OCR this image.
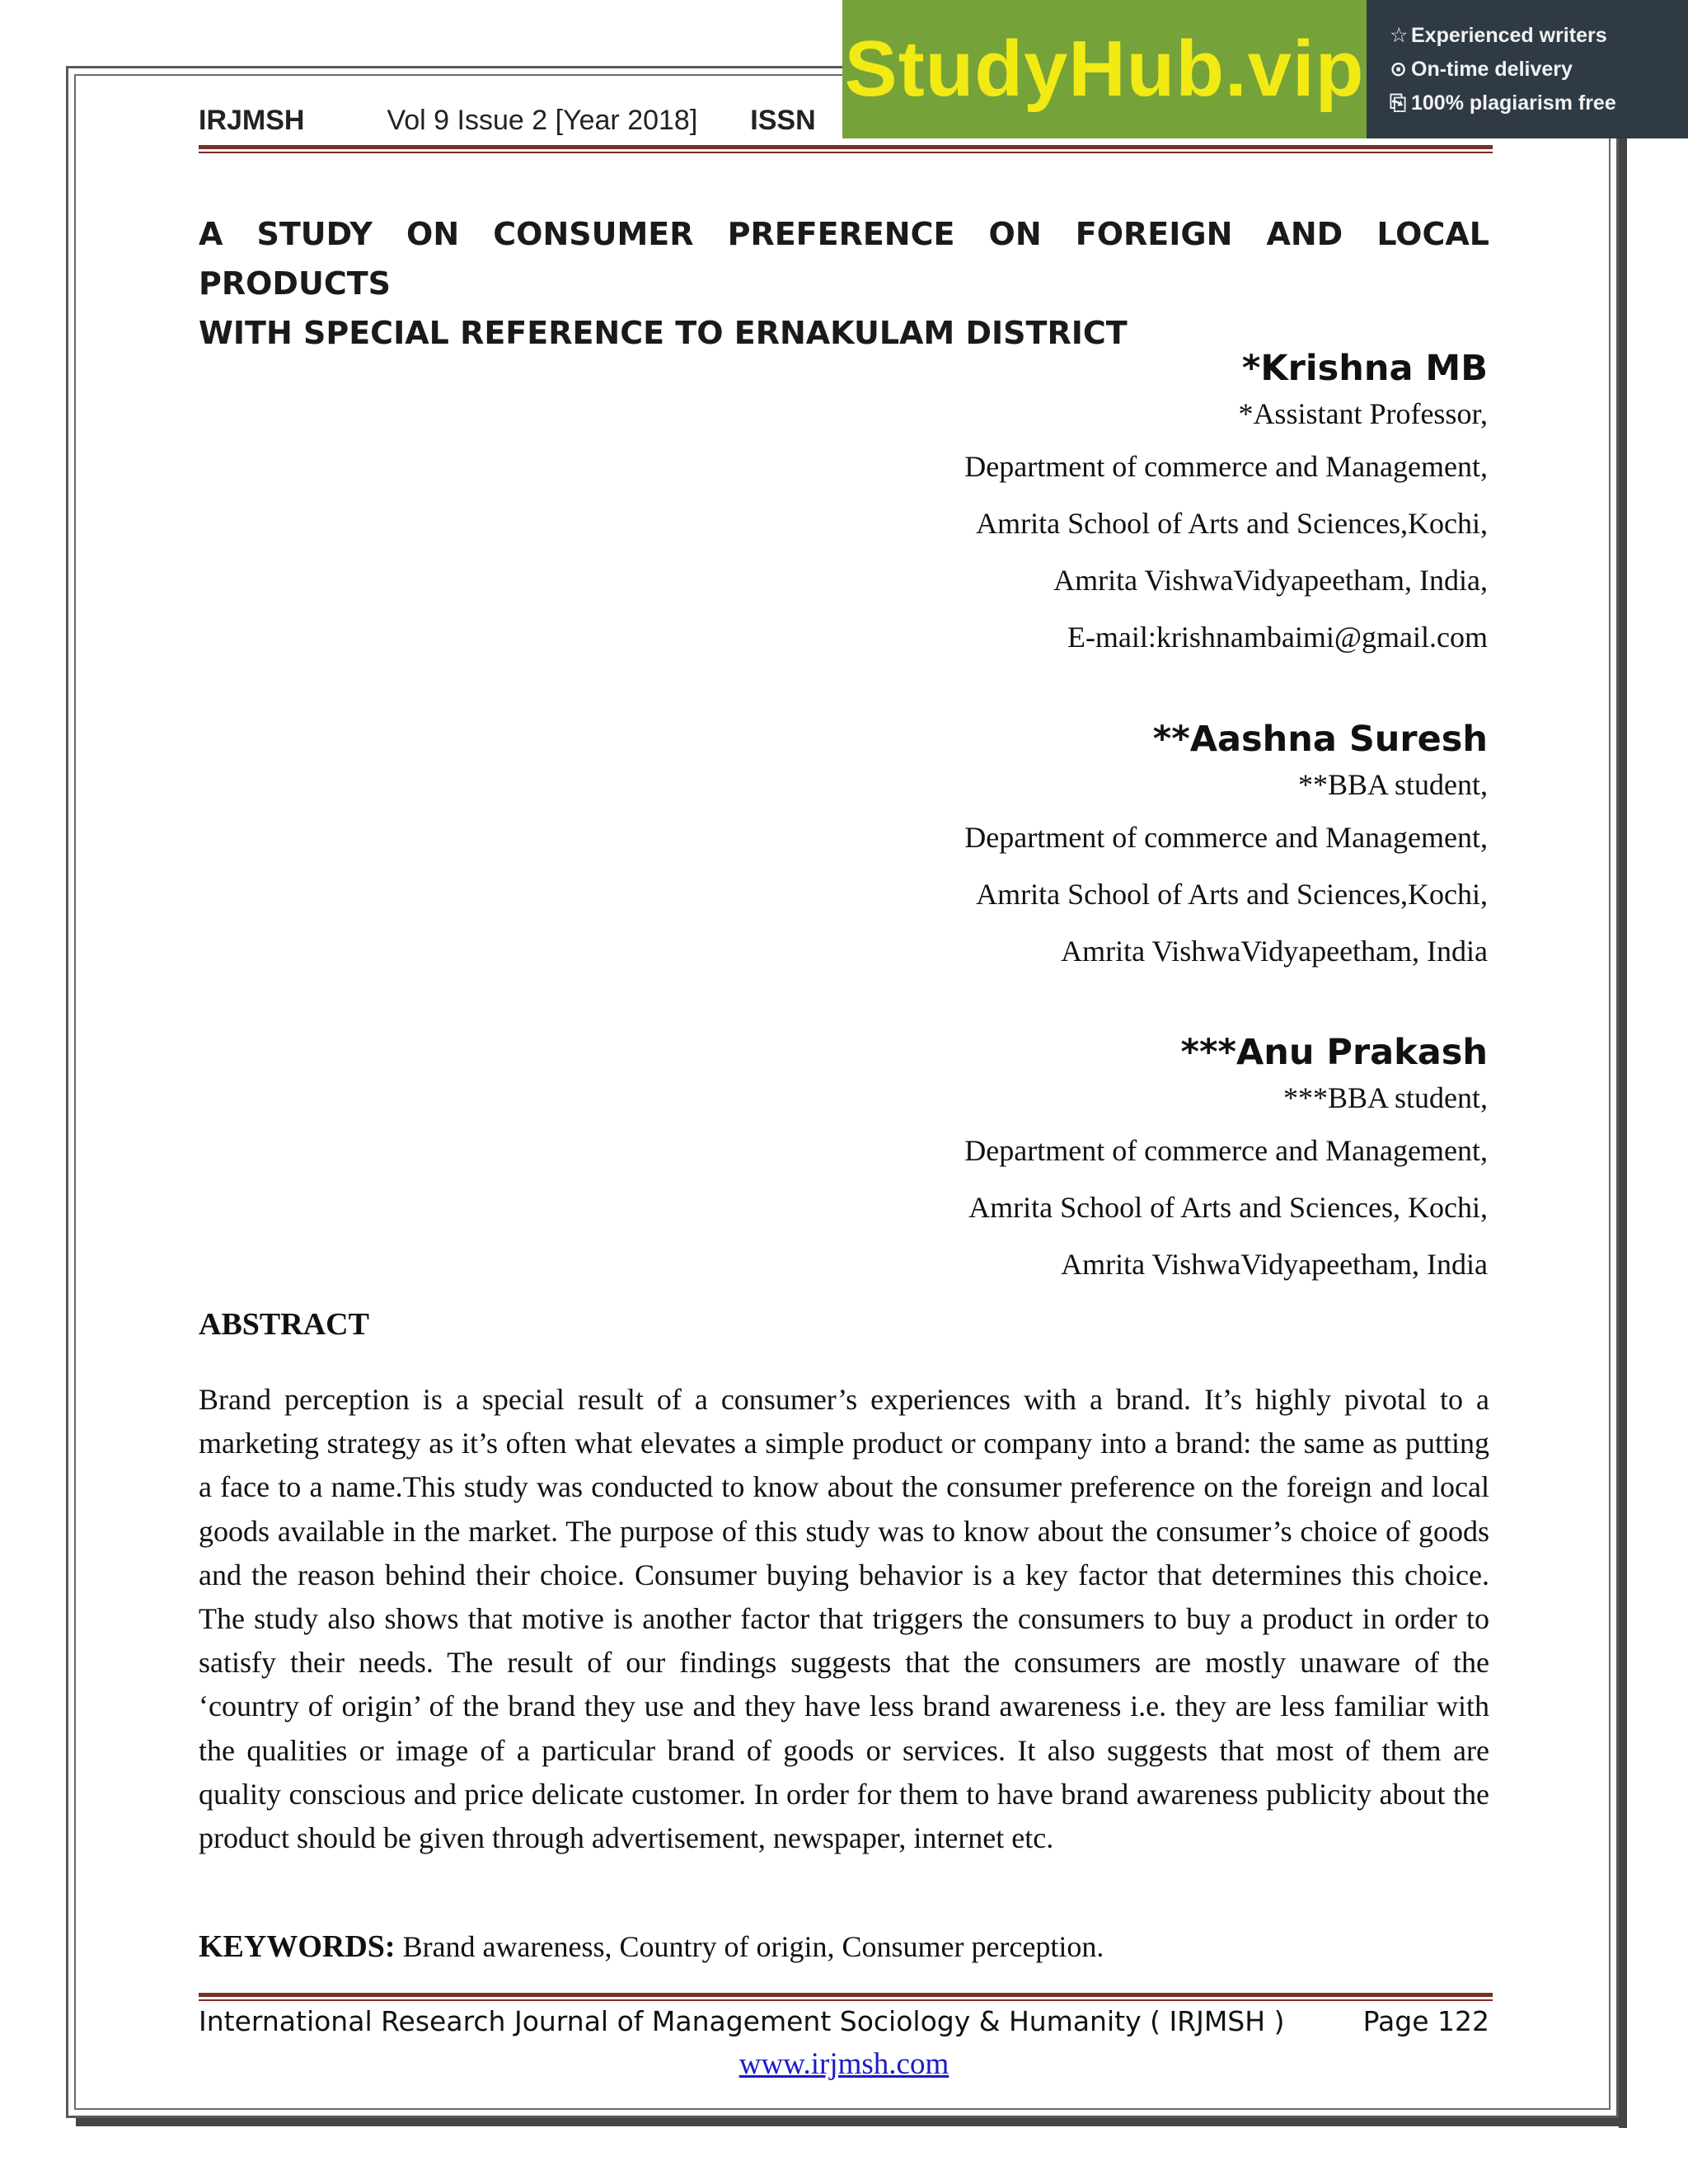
IRJMSH	Vol 9 Issue 2 [Year 2018] ISSN
StudyHub.vip ☆ Experienced writers
⊙ On-time delivery
⎘ 100% plagiarism free
A STUDY ON CONSUMER PREFERENCE ON FOREIGN AND LOCAL PRODUCTS
WITH SPECIAL REFERENCE TO ERNAKULAM DISTRICT
*Krishna MB
*Assistant Professor,
Department of commerce and Management,
Amrita School of Arts and Sciences,Kochi,
Amrita VishwaVidyapeetham, India,
E-mail:krishnambaimi@gmail.com
**Aashna Suresh
**BBA student,
Department of commerce and Management,
Amrita School of Arts and Sciences,Kochi,
Amrita VishwaVidyapeetham, India
***Anu Prakash
***BBA student,
Department of commerce and Management,
Amrita School of Arts and Sciences, Kochi,
Amrita VishwaVidyapeetham, India
ABSTRACT
Brand perception is a special result of a consumer’s experiences with a brand. It’s highly pivotal to a marketing strategy as it’s often what elevates a simple product or company into a brand: the same as putting a face to a name.This study was conducted to know about the consumer preference on the foreign and local goods available in the market. The purpose of this study was to know about the consumer’s choice of goods and the reason behind their choice. Consumer buying behavior is a key factor that determines this choice. The study also shows that motive is another factor that triggers the consumers to buy a product in order to satisfy their needs. The result of our findings suggests that the consumers are mostly unaware of the ‘country of origin’ of the brand they use and they have less brand awareness i.e. they are less familiar with the qualities or image of a particular brand of goods or services. It also suggests that most of them are quality conscious and price delicate customer. In order for them to have brand awareness publicity about the product should be given through advertisement, newspaper, internet etc.
KEYWORDS: Brand awareness, Country of origin, Consumer perception.
International Research Journal of Management Sociology & Humanity ( IRJMSH )	Page 122
www.irjmsh.com
